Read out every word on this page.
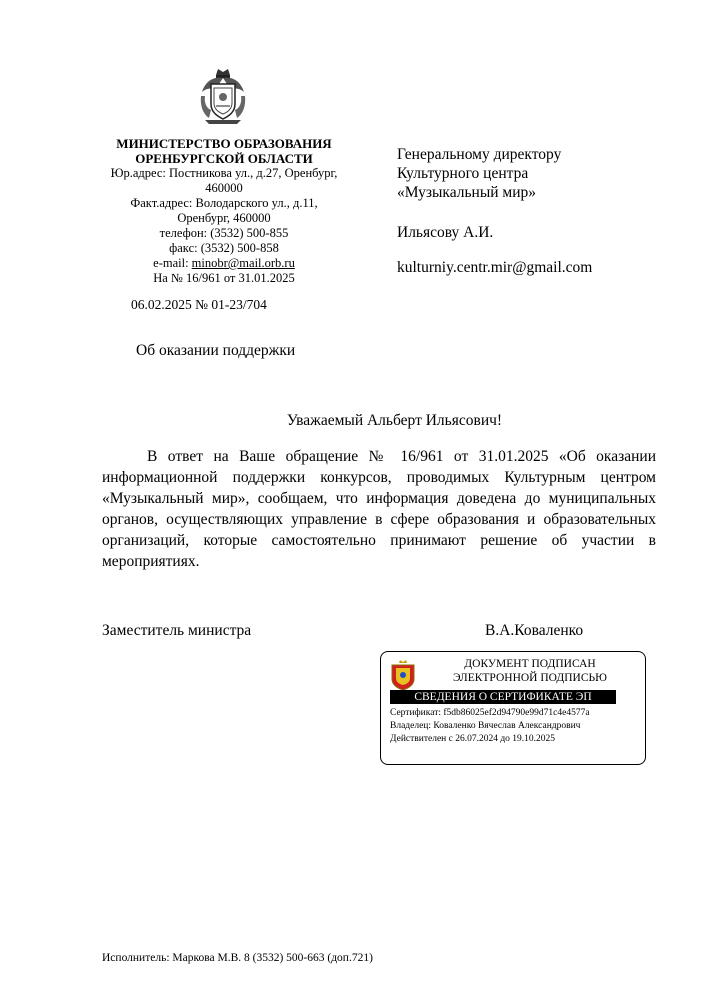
МИНИСТЕРСТВО ОБРАЗОВАНИЯ
ОРЕНБУРГСКОЙ ОБЛАСТИ
Юр.адрес: Постникова ул., д.27, Оренбург,
460000
Факт.адрес: Володарского ул., д.11,
Оренбург, 460000
телефон: (3532) 500-855
факс: (3532) 500-858
e-mail: minobr@mail.orb.ru
На № 16/961 от 31.01.2025
06.02.2025 № 01-23/704
Генеральному директору
Культурного центра
«Музыкальный мир»
Ильясову А.И.
kulturniy.centr.mir@gmail.com
Об оказании поддержки
Уважаемый Альберт Ильясович!
В ответ на Ваше обращение № 16/961 от 31.01.2025 «Об оказании информационной поддержки конкурсов, проводимых Культурным центром «Музыкальный мир», сообщаем, что информация доведена до муниципальных органов, осуществляющих управление в сфере образования и образовательных организаций, которые самостоятельно принимают решение об участии в мероприятиях.
Заместитель министра	В.А.Коваленко
ДОКУМЕНТ ПОДПИСАН
ЭЛЕКТРОННОЙ ПОДПИСЬЮ
СВЕДЕНИЯ О СЕРТИФИКАТЕ ЭП
Сертификат: f5db86025ef2d94790e99d71c4e4577a
Владелец: Коваленко Вячеслав Александрович
Действителен с 26.07.2024 до 19.10.2025
Исполнитель: Маркова М.В. 8 (3532) 500-663 (доп.721)
